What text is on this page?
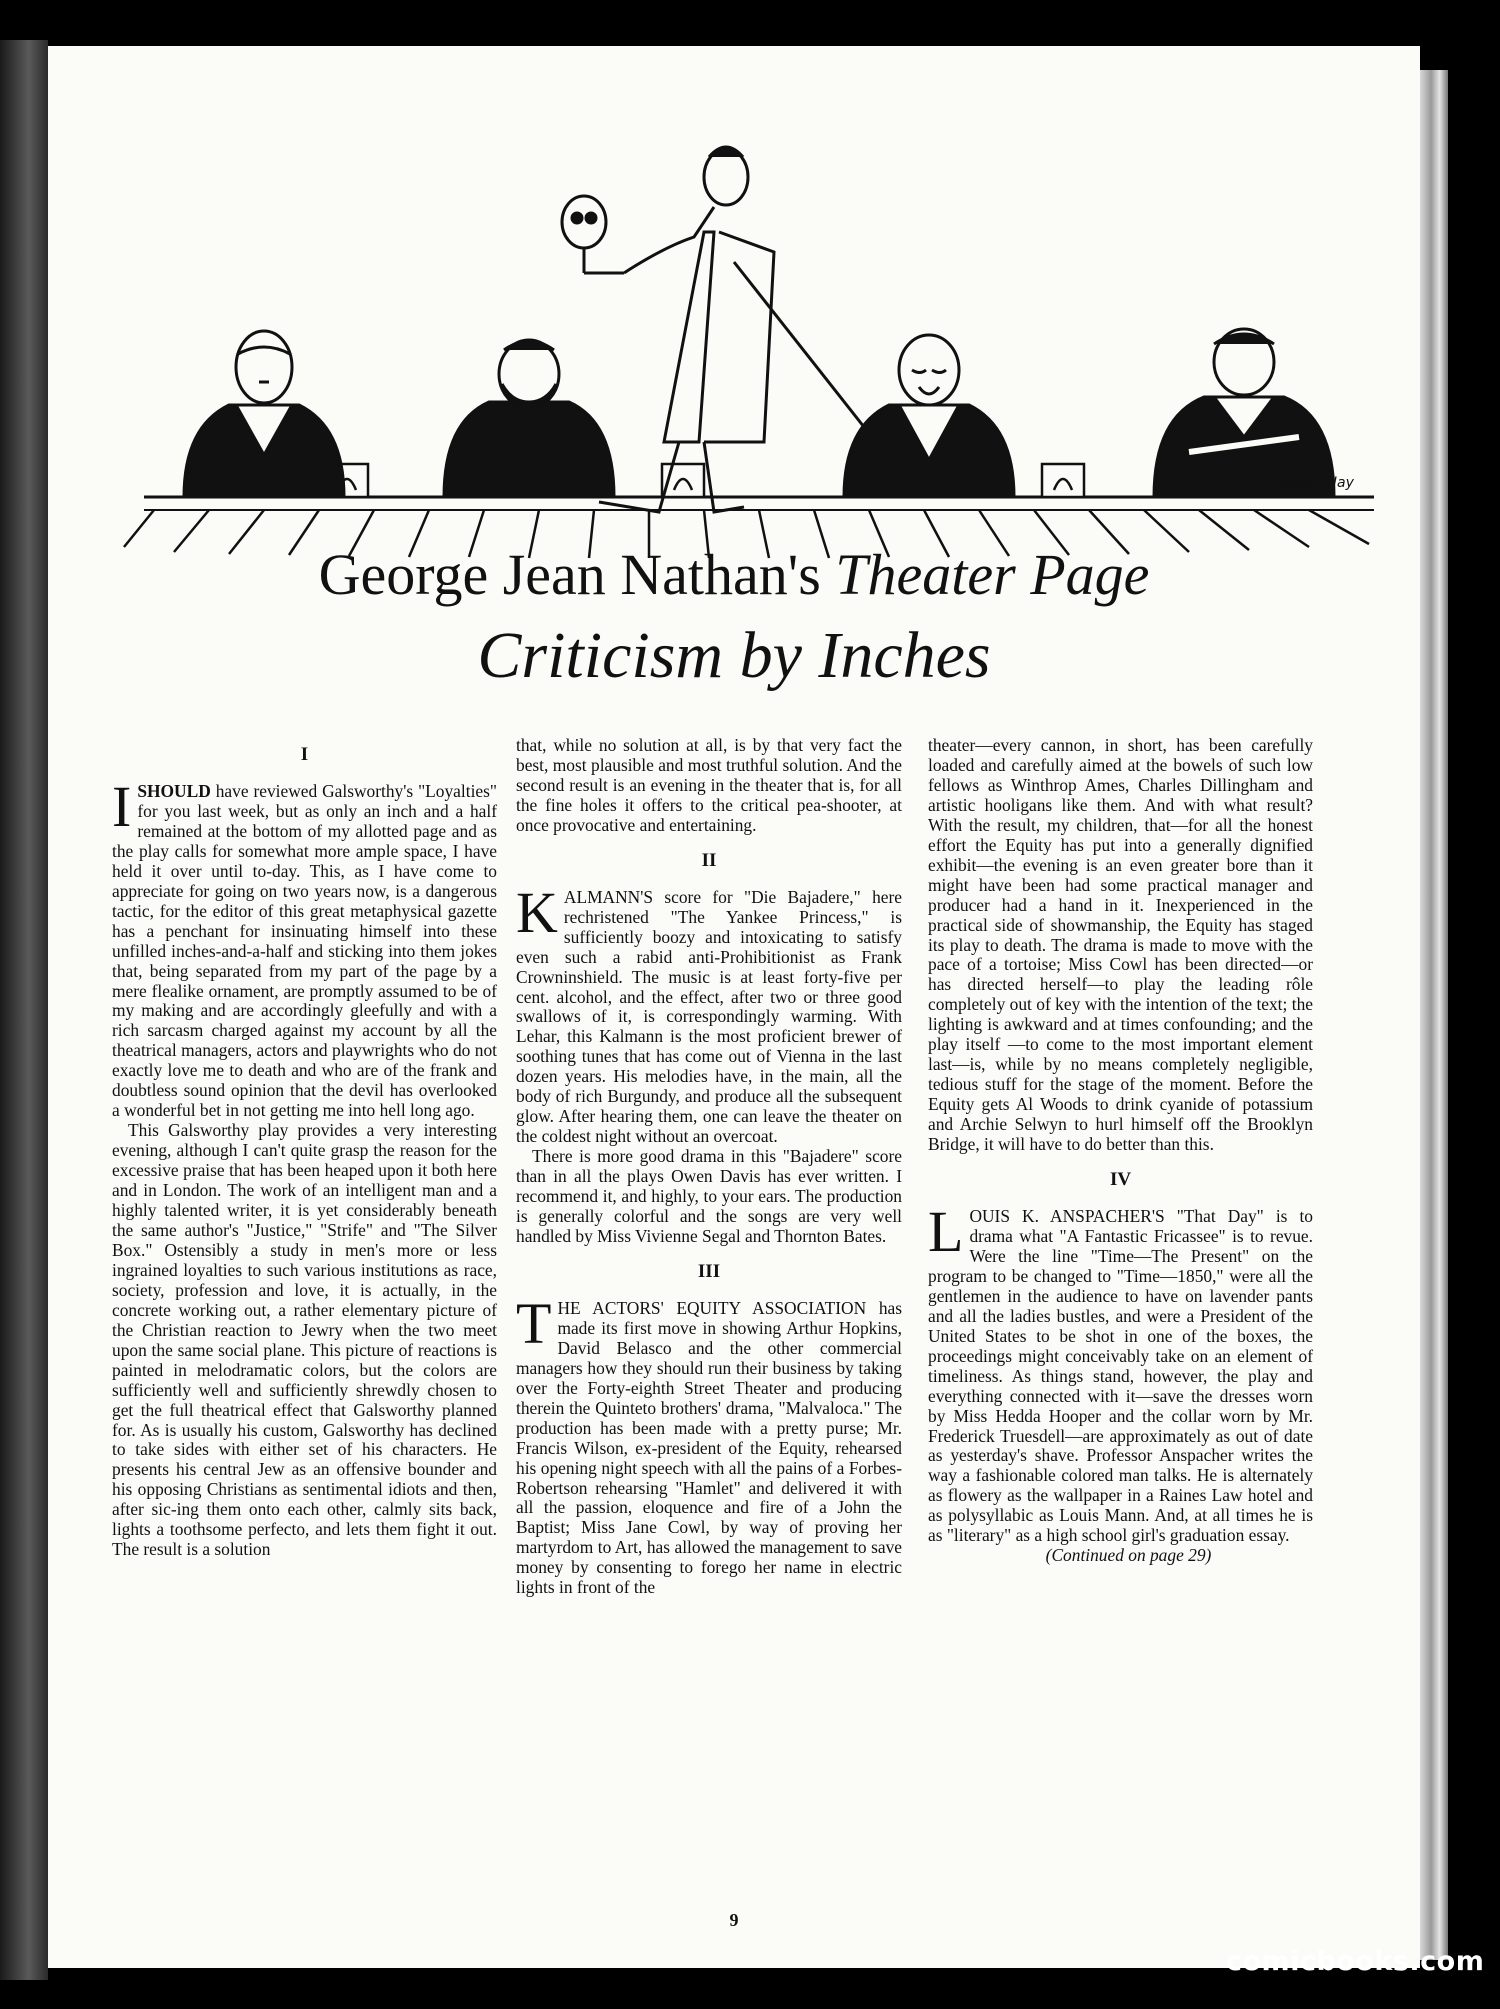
Stuart Hay
George Jean Nathan's Theater Page
Criticism by Inches
I

ISHOULD have reviewed Galsworthy's "Loyalties" for you last week, but as only an inch and a half remained at the bottom of my allotted page and as the play calls for somewhat more ample space, I have held it over until to-day. This, as I have come to appreciate for going on two years now, is a dangerous tactic, for the editor of this great metaphysical gazette has a penchant for insinuating himself into these unfilled inches-and-a-half and sticking into them jokes that, being separated from my part of the page by a mere flealike ornament, are promptly assumed to be of my making and are accordingly gleefully and with a rich sarcasm charged against my account by all the theatrical managers, actors and playwrights who do not exactly love me to death and who are of the frank and doubtless sound opinion that the devil has overlooked a wonderful bet in not getting me into hell long ago.

This Galsworthy play provides a very interesting evening, although I can't quite grasp the reason for the excessive praise that has been heaped upon it both here and in London. The work of an intelligent man and a highly talented writer, it is yet considerably beneath the same author's "Justice," "Strife" and "The Silver Box." Ostensibly a study in men's more or less ingrained loyalties to such various institutions as race, society, profession and love, it is actually, in the concrete working out, a rather elementary picture of the Christian reaction to Jewry when the two meet upon the same social plane. This picture of reactions is painted in melodramatic colors, but the colors are sufficiently well and sufficiently shrewdly chosen to get the full theatrical effect that Galsworthy planned for. As is usually his custom, Galsworthy has declined to take sides with either set of his characters. He presents his central Jew as an offensive bounder and his opposing Christians as sentimental idiots and then, after sic-ing them onto each other, calmly sits back, lights a toothsome perfecto, and lets them fight it out. The result is a solution

that, while no solution at all, is by that very fact the best, most plausible and most truthful solution. And the second result is an evening in the theater that is, for all the fine holes it offers to the critical pea-shooter, at once provocative and entertaining.

II

KALMANN'S score for "Die Bajadere," here rechristened "The Yankee Princess," is sufficiently boozy and intoxicating to satisfy even such a rabid anti-Prohibitionist as Frank Crowninshield. The music is at least forty-five per cent. alcohol, and the effect, after two or three good swallows of it, is correspondingly warming. With Lehar, this Kalmann is the most proficient brewer of soothing tunes that has come out of Vienna in the last dozen years. His melodies have, in the main, all the body of rich Burgundy, and produce all the subsequent glow. After hearing them, one can leave the theater on the coldest night without an overcoat.

There is more good drama in this "Bajadere" score than in all the plays Owen Davis has ever written. I recommend it, and highly, to your ears. The production is generally colorful and the songs are very well handled by Miss Vivienne Segal and Thornton Bates.

III

THE ACTORS' EQUITY ASSOCIATION has made its first move in showing Arthur Hopkins, David Belasco and the other commercial managers how they should run their business by taking over the Forty-eighth Street Theater and producing therein the Quinteto brothers' drama, "Malvaloca." The production has been made with a pretty purse; Mr. Francis Wilson, ex-president of the Equity, rehearsed his opening night speech with all the pains of a Forbes-Robertson rehearsing "Hamlet" and delivered it with all the passion, eloquence and fire of a John the Baptist; Miss Jane Cowl, by way of proving her martyrdom to Art, has allowed the management to save money by consenting to forego her name in electric lights in front of the

theater—every cannon, in short, has been carefully loaded and carefully aimed at the bowels of such low fellows as Winthrop Ames, Charles Dillingham and artistic hooligans like them. And with what result? With the result, my children, that—for all the honest effort the Equity has put into a generally dignified exhibit—the evening is an even greater bore than it might have been had some practical manager and producer had a hand in it. Inexperienced in the practical side of showmanship, the Equity has staged its play to death. The drama is made to move with the pace of a tortoise; Miss Cowl has been directed—or has directed herself—to play the leading rôle completely out of key with the intention of the text; the lighting is awkward and at times confounding; and the play itself —to come to the most important element last—is, while by no means completely negligible, tedious stuff for the stage of the moment. Before the Equity gets Al Woods to drink cyanide of potassium and Archie Selwyn to hurl himself off the Brooklyn Bridge, it will have to do better than this.

IV

LOUIS K. ANSPACHER'S "That Day" is to drama what "A Fantastic Fricassee" is to revue. Were the line "Time—The Present" on the program to be changed to "Time—1850," were all the gentlemen in the audience to have on lavender pants and all the ladies bustles, and were a President of the United States to be shot in one of the boxes, the proceedings might conceivably take on an element of timeliness. As things stand, however, the play and everything connected with it—save the dresses worn by Miss Hedda Hooper and the collar worn by Mr. Frederick Truesdell—are approximately as out of date as yesterday's shave. Professor Anspacher writes the way a fashionable colored man talks. He is alternately as flowery as the wallpaper in a Raines Law hotel and as polysyllabic as Louis Mann. And, at all times he is as "literary" as a high school girl's graduation essay.

(Continued on page 29)

9
comicbooks.com
